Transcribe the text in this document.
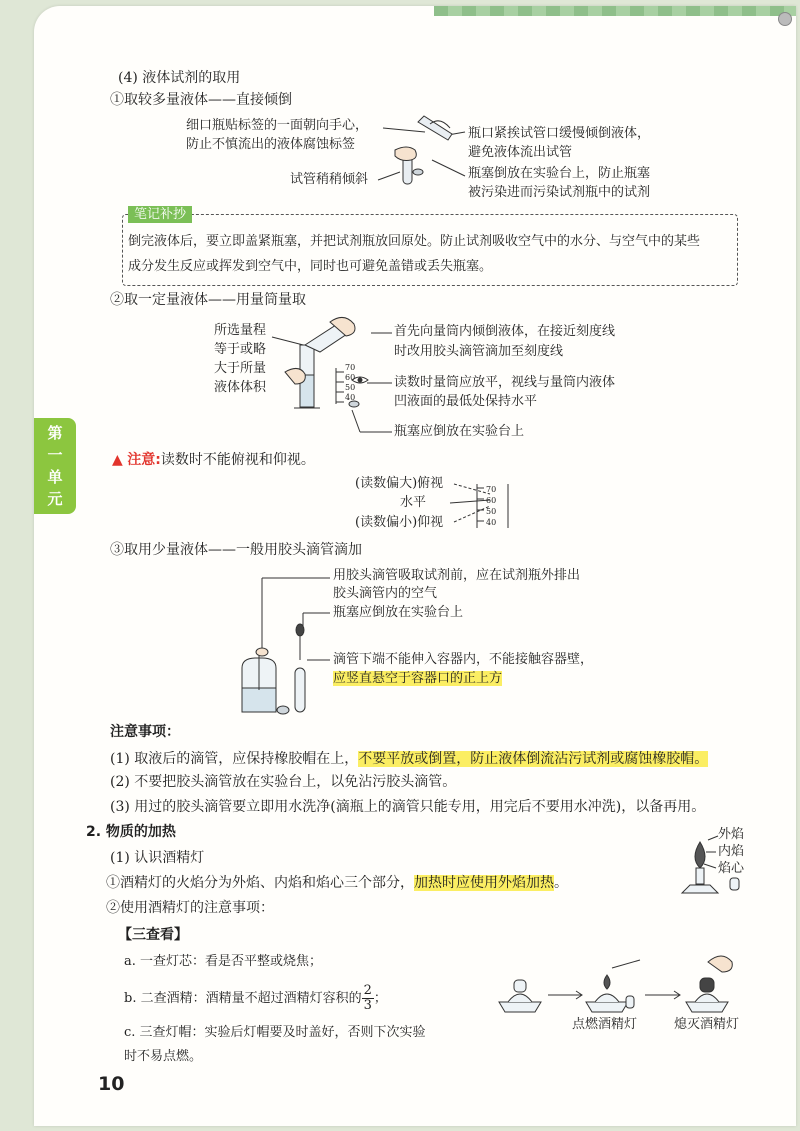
第
一
单
元
(4) 液体试剂的取用
①取较多量液体——直接倾倒
细口瓶贴标签的一面朝向手心，
防止不慎流出的液体腐蚀标签
试管稍稍倾斜
瓶口紧挨试管口缓慢倾倒液体，
避免液体流出试管
瓶塞倒放在实验台上，防止瓶塞
被污染进而污染试剂瓶中的试剂
笔记补抄
倒完液体后，要立即盖紧瓶塞，并把试剂瓶放回原处。防止试剂吸收空气中的水分、与空气中的某些
成分发生反应或挥发到空气中，同时也可避免盖错或丢失瓶塞。
②取一定量液体——用量筒量取
所选量程
等于或略
大于所量
液体体积
首先向量筒内倾倒液体，在接近刻度线
时改用胶头滴管滴加至刻度线
读数时量筒应放平，视线与量筒内液体
凹液面的最低处保持水平
瓶塞应倒放在实验台上
70
60
50
40
▲ 注意:读数时不能俯视和仰视。
(读数偏大)俯视
水平
(读数偏小)仰视
70
60
50
40
③取用少量液体——一般用胶头滴管滴加
用胶头滴管吸取试剂前，应在试剂瓶外排出
胶头滴管内的空气
瓶塞应倒放在实验台上
滴管下端不能伸入容器内，不能接触容器壁，
应竖直悬空于容器口的正上方
注意事项：
(1) 取液后的滴管，应保持橡胶帽在上，不要平放或倒置，防止液体倒流沾污试剂或腐蚀橡胶帽。
(2) 不要把胶头滴管放在实验台上，以免沾污胶头滴管。
(3) 用过的胶头滴管要立即用水洗净(滴瓶上的滴管只能专用，用完后不要用水冲洗)，以备再用。
2. 物质的加热
(1) 认识酒精灯
①酒精灯的火焰分为外焰、内焰和焰心三个部分，加热时应使用外焰加热。
外焰
内焰
焰心
②使用酒精灯的注意事项：
【三查看】
a. 一查灯芯：看是否平整或烧焦；
b. 二查酒精：酒精量不超过酒精灯容积的 $\frac{2}{3}$ ；
c. 三查灯帽：实验后灯帽要及时盖好，否则下次实验
时不易点燃。
点燃酒精灯	熄灭酒精灯
10
